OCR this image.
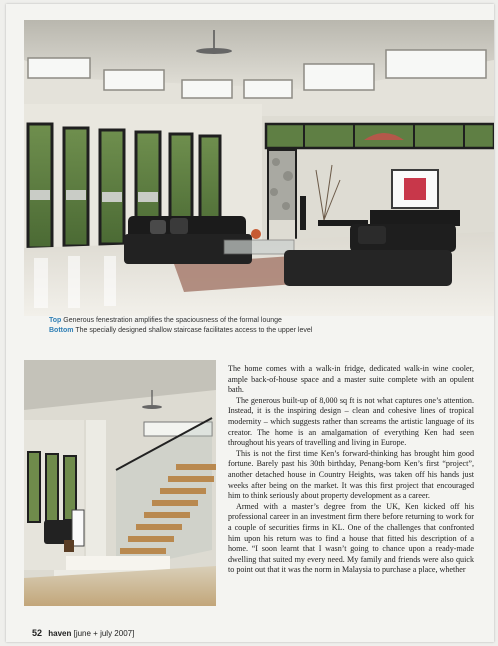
Top Generous fenestration amplifies the spaciousness of the formal lounge
Bottom The specially designed shallow staircase facilitates access to the upper level

The home comes with a walk-in fridge, dedicated walk-in wine cooler, ample back-of-house space and a master suite complete with an opulent bath.

The generous built-up of 8,000 sq ft is not what captures one’s attention. Instead, it is the inspiring design – clean and cohesive lines of tropical modernity – which suggests rather than screams the artistic language of its creator. The home is an amalgamation of everything Ken had seen throughout his years of travelling and living in Europe.

This is not the first time Ken’s forward-thinking has brought him good fortune. Barely past his 30th birthday, Penang-born Ken’s first “project”, another detached house in Country Heights, was taken off his hands just weeks after being on the market. It was this first project that encouraged him to think seriously about property development as a career.

Armed with a master’s degree from the UK, Ken kicked off his professional career in an investment firm there before returning to work for a couple of securities firms in KL. One of the challenges that confronted him upon his return was to find a house that fitted his description of a home. “I soon learnt that I wasn’t going to chance upon a ready-made dwelling that suited my every need. My family and friends were also quick to point out that it was the norm in Malaysia to purchase a place, whether

52 haven [june + july 2007]
